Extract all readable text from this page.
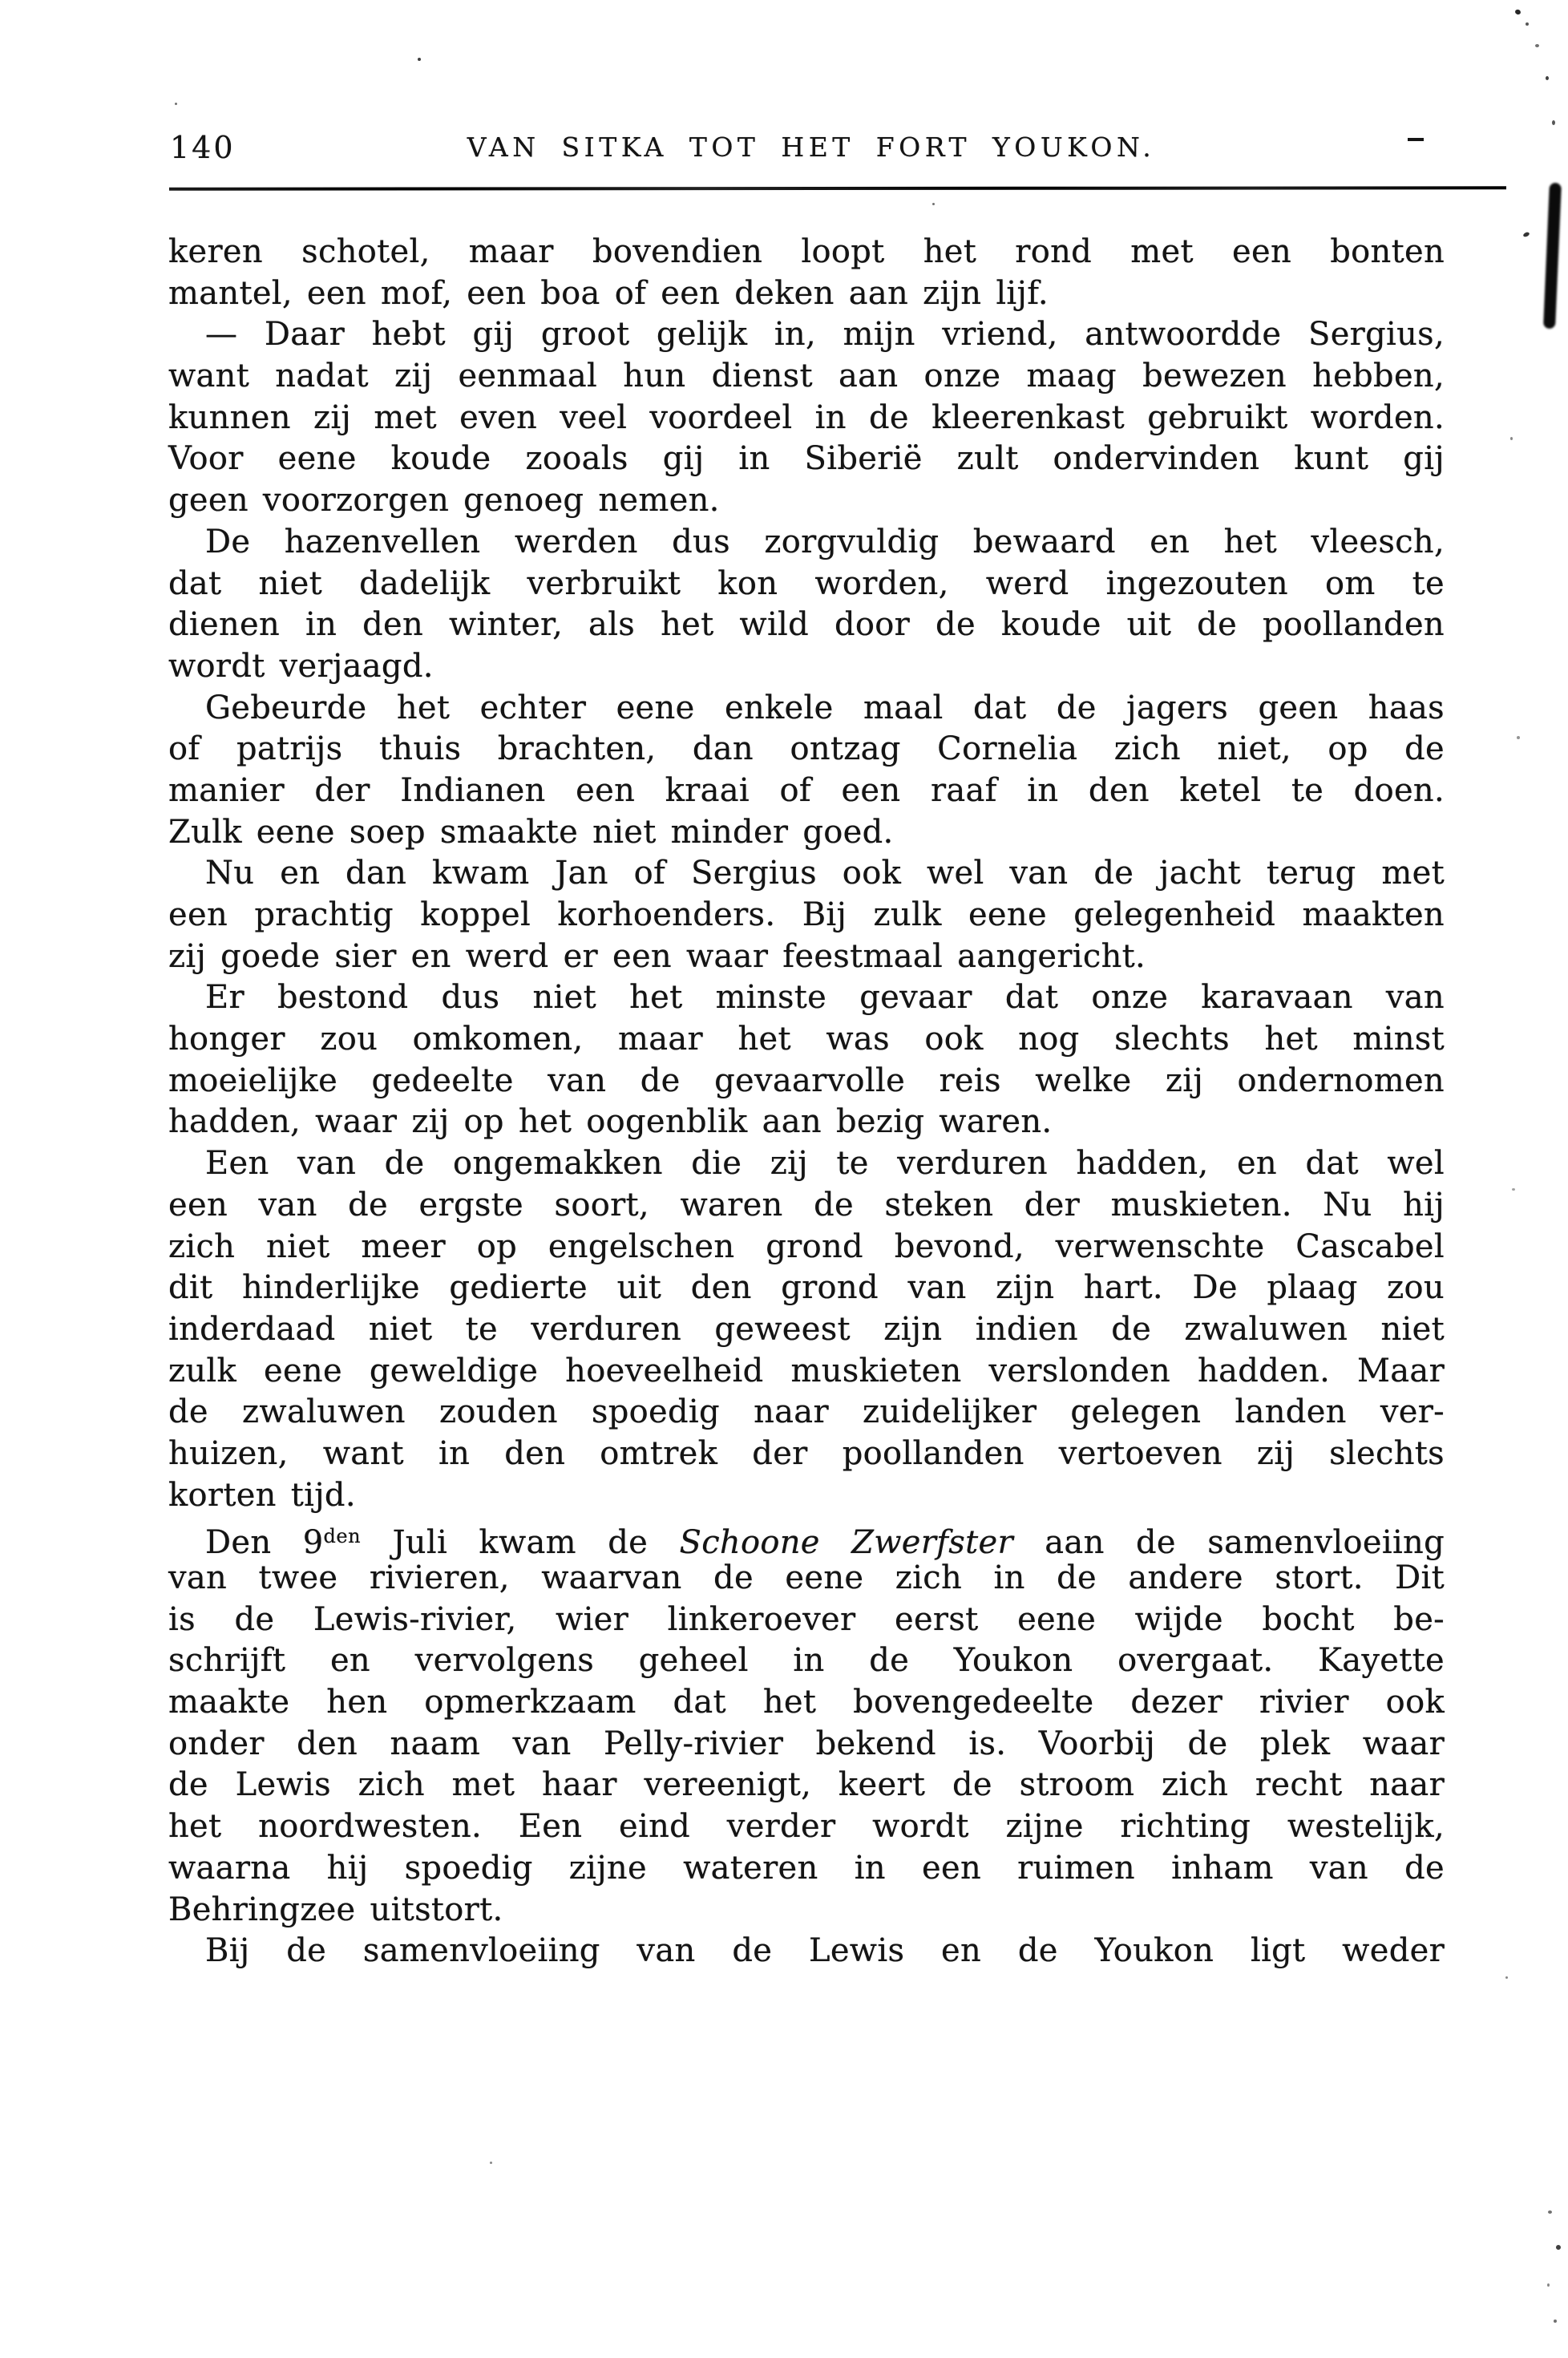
140	VAN SITKA TOT HET FORT YOUKON.
keren schotel, maar bovendien loopt het rond met een bonten
mantel, een mof, een boa of een deken aan zijn lijf.
— Daar hebt gij groot gelijk in, mijn vriend, antwoordde Sergius,
want nadat zij eenmaal hun dienst aan onze maag bewezen hebben,
kunnen zij met even veel voordeel in de kleerenkast gebruikt worden.
Voor eene koude zooals gij in Siberië zult ondervinden kunt gij
geen voorzorgen genoeg nemen.
De hazenvellen werden dus zorgvuldig bewaard en het vleesch,
dat niet dadelijk verbruikt kon worden, werd ingezouten om te
dienen in den winter, als het wild door de koude uit de poollanden
wordt verjaagd.
Gebeurde het echter eene enkele maal dat de jagers geen haas
of patrijs thuis brachten, dan ontzag Cornelia zich niet, op de
manier der Indianen een kraai of een raaf in den ketel te doen.
Zulk eene soep smaakte niet minder goed.
Nu en dan kwam Jan of Sergius ook wel van de jacht terug met
een prachtig koppel korhoenders. Bij zulk eene gelegenheid maakten
zij goede sier en werd er een waar feestmaal aangericht.
Er bestond dus niet het minste gevaar dat onze karavaan van
honger zou omkomen, maar het was ook nog slechts het minst
moeielijke gedeelte van de gevaarvolle reis welke zij ondernomen
hadden, waar zij op het oogenblik aan bezig waren.
Een van de ongemakken die zij te verduren hadden, en dat wel
een van de ergste soort, waren de steken der muskieten. Nu hij
zich niet meer op engelschen grond bevond, verwenschte Cascabel
dit hinderlijke gedierte uit den grond van zijn hart. De plaag zou
inderdaad niet te verduren geweest zijn indien de zwaluwen niet
zulk eene geweldige hoeveelheid muskieten verslonden hadden. Maar
de zwaluwen zouden spoedig naar zuidelijker gelegen landen ver-
huizen, want in den omtrek der poollanden vertoeven zij slechts
korten tijd.
Den $9^{den}$ Juli kwam de Schoone Zwerfster aan de samenvloeiing
van twee rivieren, waarvan de eene zich in de andere stort. Dit
is de Lewis-rivier, wier linkeroever eerst eene wijde bocht be-
schrijft en vervolgens geheel in de Youkon overgaat. Kayette
maakte hen opmerkzaam dat het bovengedeelte dezer rivier ook
onder den naam van Pelly-rivier bekend is. Voorbij de plek waar
de Lewis zich met haar vereenigt, keert de stroom zich recht naar
het noordwesten. Een eind verder wordt zijne richting westelijk,
waarna hij spoedig zijne wateren in een ruimen inham van de
Behringzee uitstort.
Bij de samenvloeiing van de Lewis en de Youkon ligt weder
